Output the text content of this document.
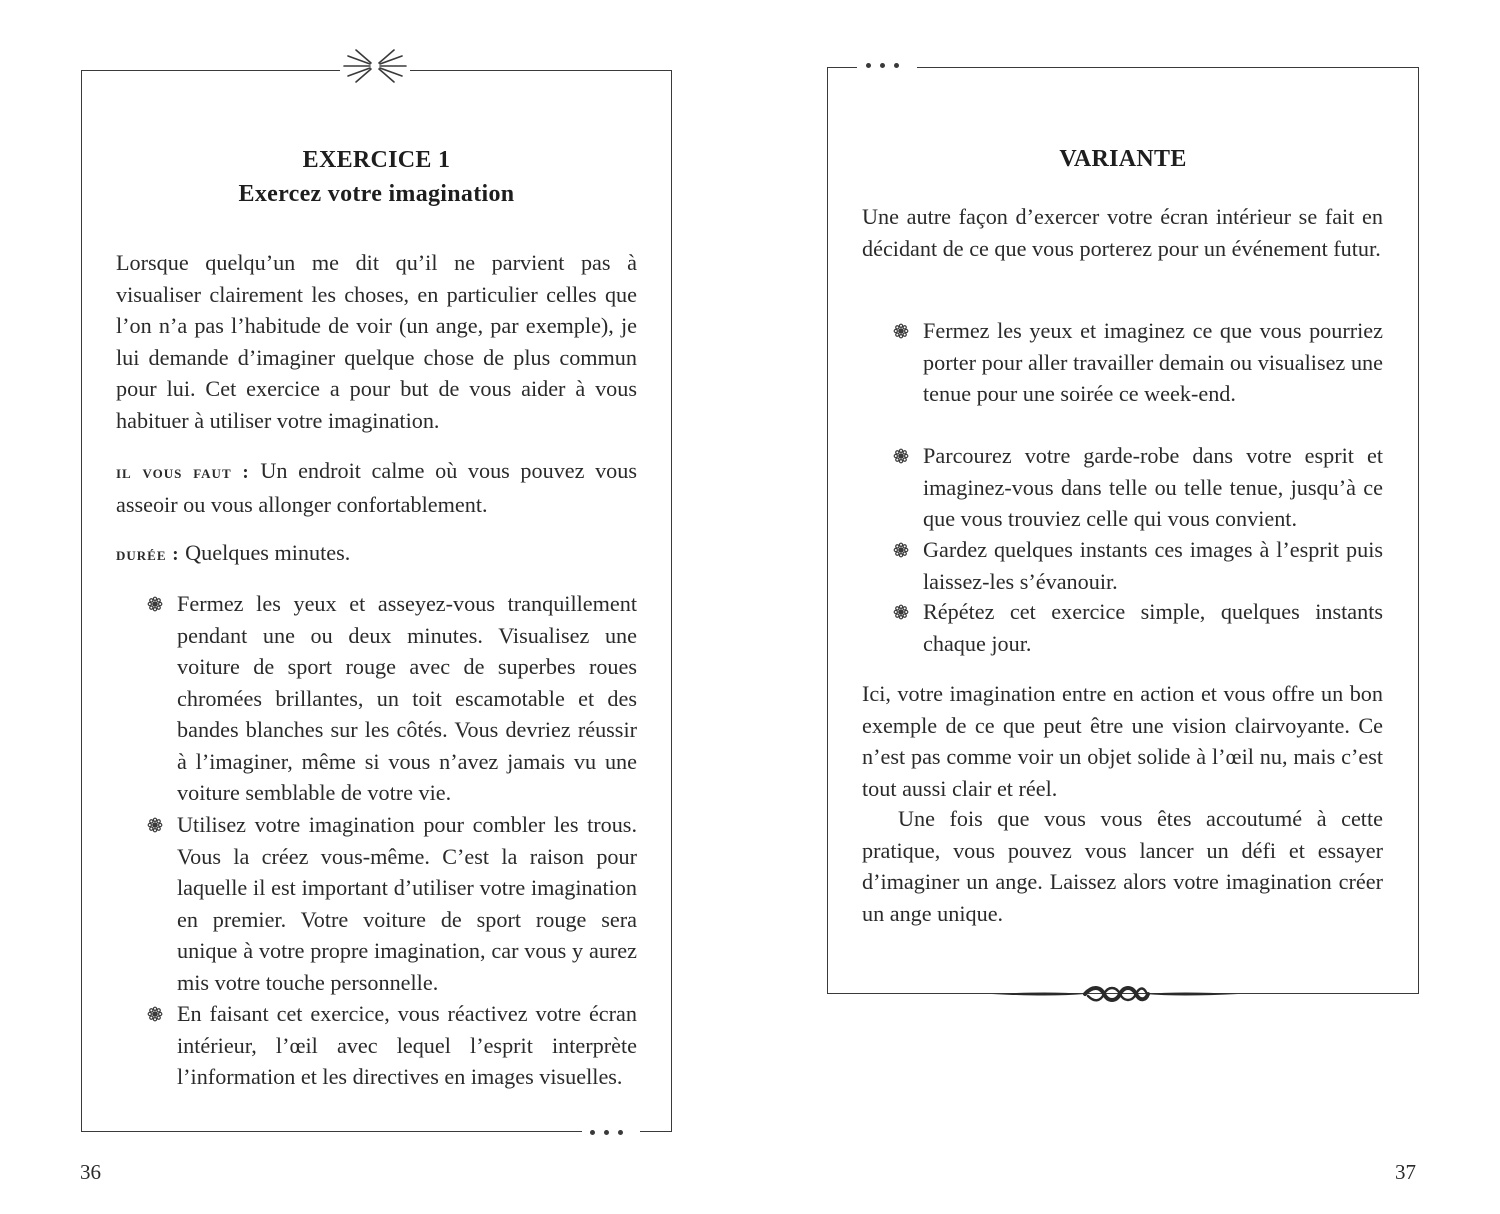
EXERCICE 1
Exercez votre imagination
Lorsque quelqu’un me dit qu’il ne parvient pas à visualiser clairement les choses, en particulier celles que l’on n’a pas l’habitude de voir (un ange, par exemple), je lui demande d’imaginer quelque chose de plus commun pour lui. Cet exercice a pour but de vous aider à vous habituer à utiliser votre imagination.
il vous faut : Un endroit calme où vous pouvez vous asseoir ou vous allonger confortablement.
durée : Quelques minutes.
Fermez les yeux et asseyez-vous tranquillement pendant une ou deux minutes. Visualisez une voiture de sport rouge avec de superbes roues chromées brillantes, un toit escamotable et des bandes blanches sur les côtés. Vous devriez réussir à l’imaginer, même si vous n’avez jamais vu une voiture semblable de votre vie.
Utilisez votre imagination pour combler les trous. Vous la créez vous-même. C’est la raison pour laquelle il est important d’utiliser votre imagination en premier. Votre voiture de sport rouge sera unique à votre propre imagination, car vous y aurez mis votre touche personnelle.
En faisant cet exercice, vous réactivez votre écran intérieur, l’œil avec lequel l’esprit interprète l’information et les directives en images visuelles.
36
VARIANTE
Une autre façon d’exercer votre écran intérieur se fait en décidant de ce que vous porterez pour un événement futur.
Fermez les yeux et imaginez ce que vous pourriez porter pour aller travailler demain ou visualisez une tenue pour une soirée ce week-end.
Parcourez votre garde-robe dans votre esprit et imaginez-vous dans telle ou telle tenue, jusqu’à ce que vous trouviez celle qui vous convient.
Gardez quelques instants ces images à l’esprit puis laissez-les s’évanouir.
Répétez cet exercice simple, quelques instants chaque jour.
Ici, votre imagination entre en action et vous offre un bon exemple de ce que peut être une vision clairvoyante. Ce n’est pas comme voir un objet solide à l’œil nu, mais c’est tout aussi clair et réel.
Une fois que vous vous êtes accoutumé à cette pratique, vous pouvez vous lancer un défi et essayer d’imaginer un ange. Laissez alors votre imagination créer un ange unique.
37
